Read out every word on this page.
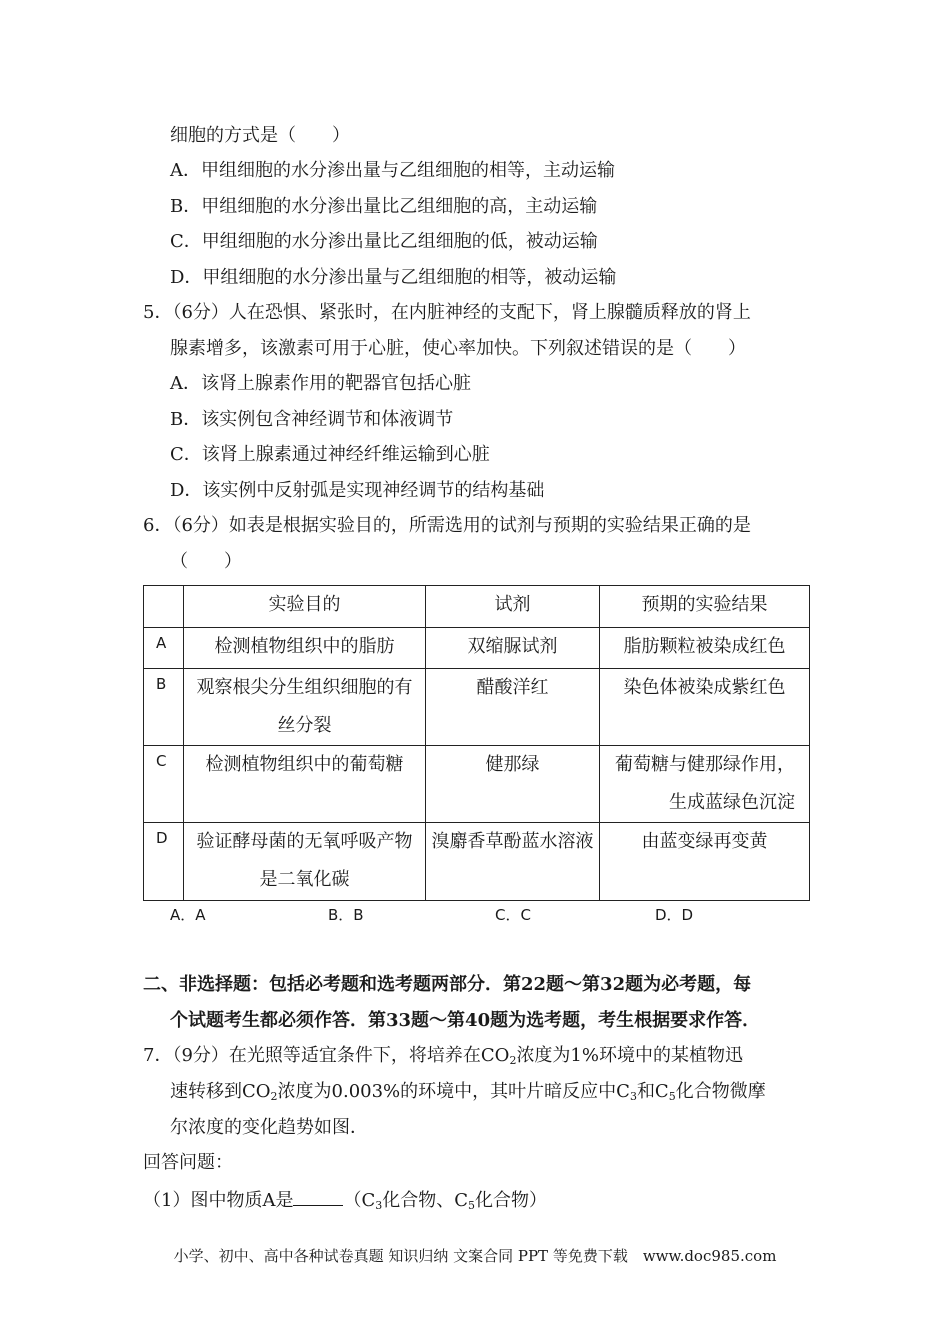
细胞的方式是（　　）
A．甲组细胞的水分渗出量与乙组细胞的相等，主动运输
B．甲组细胞的水分渗出量比乙组细胞的高，主动运输
C．甲组细胞的水分渗出量比乙组细胞的低，被动运输
D．甲组细胞的水分渗出量与乙组细胞的相等，被动运输
5．（6分）人在恐惧、紧张时，在内脏神经的支配下，肾上腺髓质释放的肾上
腺素增多，该激素可用于心脏，使心率加快。下列叙述错误的是（　　）
A．该肾上腺素作用的靶器官包括心脏
B．该实例包含神经调节和体液调节
C．该肾上腺素通过神经纤维运输到心脏
D．该实例中反射弧是实现神经调节的结构基础
6．（6分）如表是根据实验目的，所需选用的试剂与预期的实验结果正确的是
（　　）
	实验目的	试剂	预期的实验结果
A	检测植物组织中的脂肪	双缩脲试剂	脂肪颗粒被染成红色
B	观察根尖分生组织细胞的有丝分裂	醋酸洋红	染色体被染成紫红色
C	检测植物组织中的葡萄糖	健那绿	葡萄糖与健那绿作用，生成蓝绿色沉淀
D	验证酵母菌的无氧呼吸产物是二氧化碳	溴麝香草酚蓝水溶液	由蓝变绿再变黄
A．A	B．B	C．C	D．D
二、非选择题：包括必考题和选考题两部分．第22题～第32题为必考题，每
个试题考生都必须作答．第33题～第40题为选考题，考生根据要求作答．
7．（9分）在光照等适宜条件下，将培养在$CO_2$浓度为1%环境中的某植物迅
速转移到$CO_2$浓度为0.003%的环境中，其叶片暗反应中$C_3$和$C_5$化合物微摩
尔浓度的变化趋势如图．
回答问题：
（1）图中物质A是	（$C_3$化合物、$C_5$化合物）
小学、初中、高中各种试卷真题 知识归纳 文案合同 PPT 等免费下载　www.doc985.com
